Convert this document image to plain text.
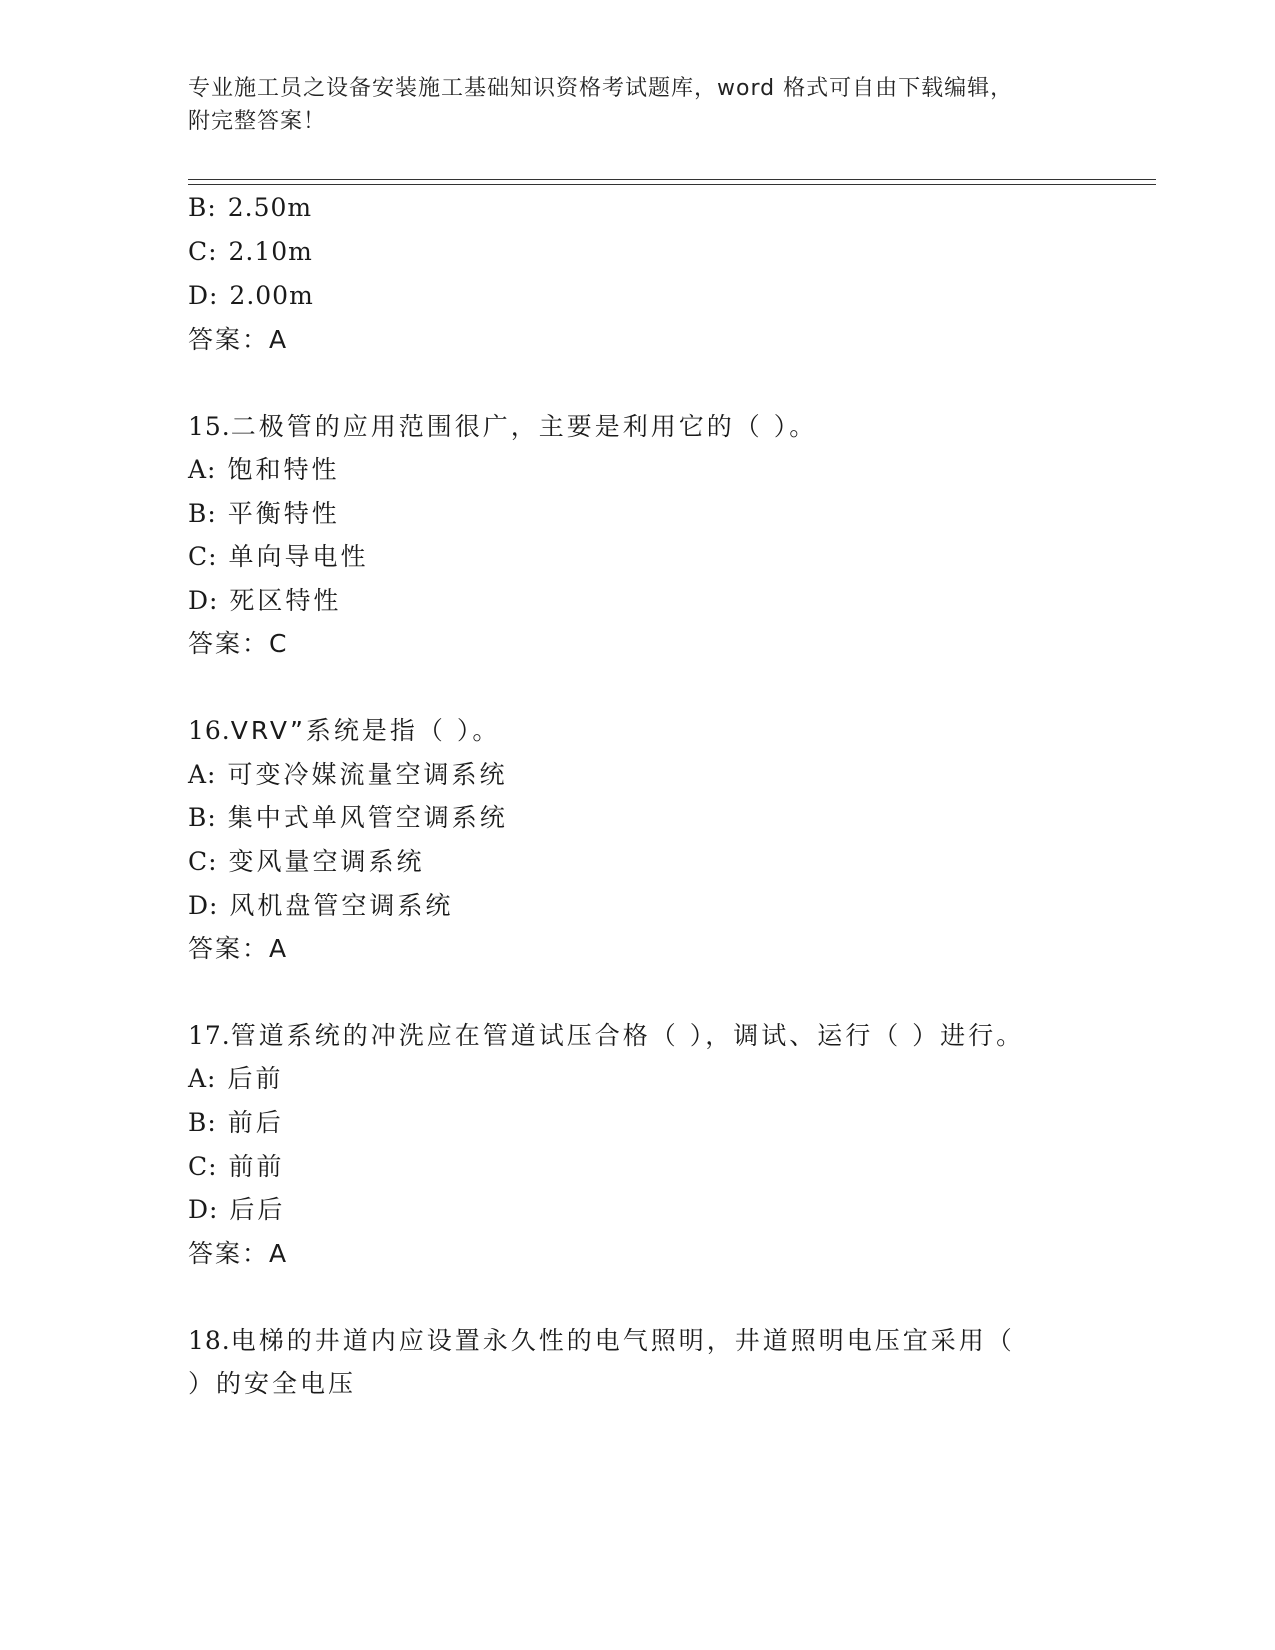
专业施工员之设备安装施工基础知识资格考试题库，word 格式可自由下载编辑，
附完整答案！
B: 2.50m
C: 2.10m
D: 2.00m
答案：A
15.二极管的应用范围很广，主要是利用它的（ ）。
A: 饱和特性
B: 平衡特性
C: 单向导电性
D: 死区特性
答案：C
16.VRV”系统是指（ ）。
A: 可变冷媒流量空调系统
B: 集中式单风管空调系统
C: 变风量空调系统
D: 风机盘管空调系统
答案：A
17.管道系统的冲洗应在管道试压合格（ ），调试、运行（ ）进行。
A: 后前
B: 前后
C: 前前
D: 后后
答案：A
18.电梯的井道内应设置永久性的电气照明，井道照明电压宜采用（
）的安全电压
